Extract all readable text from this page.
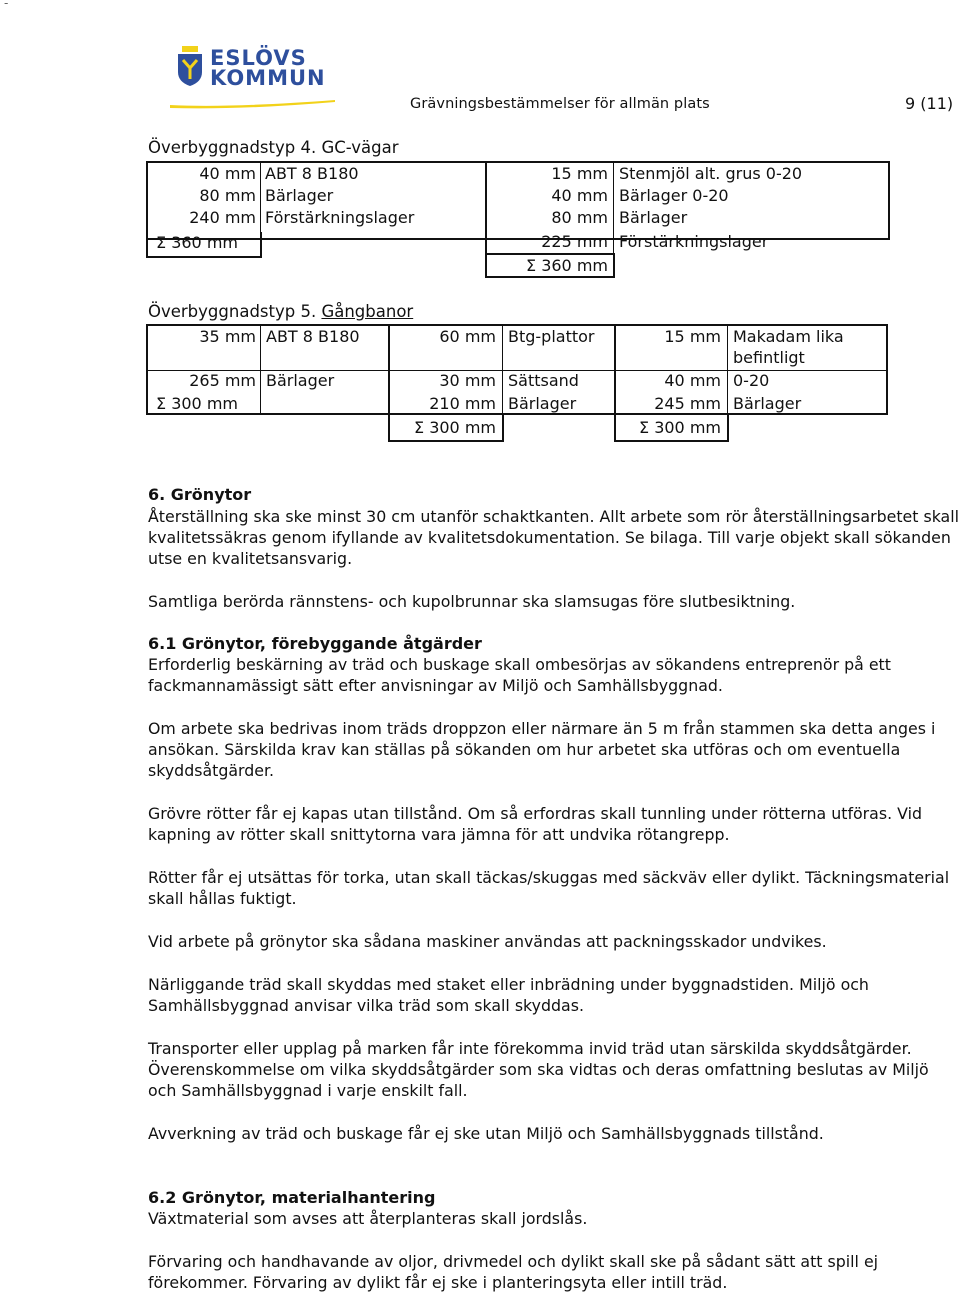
-
ESLÖVS
KOMMUN
Grävningsbestämmelser för allmän plats	9 (11)
Överbyggnadstyp 4. GC-vägar
40 mm ABT 8 B180
80 mm Bärlager
240 mm Förstärkningslager
Σ 360 mm
15 mm Stenmjöl alt. grus 0-20
40 mm Bärlager 0-20
80 mm Bärlager
225 mm Förstärkningslager
Σ 360 mm
Överbyggnadstyp 5. Gångbanor
35 mm ABT 8 B180
265 mm Bärlager
Σ 300 mm
60 mm Btg-plattor
30 mm Sättsand
210 mm Bärlager
Σ 300 mm
15 mm Makadam lika
befintligt
40 mm 0-20
245 mm Bärlager
Σ 300 mm
6. Grönytor
Återställning ska ske minst 30 cm utanför schaktkanten. Allt arbete som rör återställningsarbetet skall kvalitetssäkras genom ifyllande av kvalitetsdokumentation. Se bilaga. Till varje objekt skall sökanden utse en kvalitetsansvarig.
Samtliga berörda rännstens- och kupolbrunnar ska slamsugas före slutbesiktning.
6.1 Grönytor, förebyggande åtgärder
Erforderlig beskärning av träd och buskage skall ombesörjas av sökandens entreprenör på ett fackmannamässigt sätt efter anvisningar av Miljö och Samhällsbyggnad.
Om arbete ska bedrivas inom träds droppzon eller närmare än 5 m från stammen ska detta anges i ansökan. Särskilda krav kan ställas på sökanden om hur arbetet ska utföras och om eventuella skyddsåtgärder.
Grövre rötter får ej kapas utan tillstånd. Om så erfordras skall tunnling under rötterna utföras. Vid kapning av rötter skall snittytorna vara jämna för att undvika rötangrepp.
Rötter får ej utsättas för torka, utan skall täckas/skuggas med säckväv eller dylikt. Täckningsmaterial skall hållas fuktigt.
Vid arbete på grönytor ska sådana maskiner användas att packningsskador undvikes.
Närliggande träd skall skyddas med staket eller inbrädning under byggnadstiden. Miljö och Samhällsbyggnad anvisar vilka träd som skall skyddas.
Transporter eller upplag på marken får inte förekomma invid träd utan särskilda skyddsåtgärder. Överenskommelse om vilka skyddsåtgärder som ska vidtas och deras omfattning beslutas av Miljö och Samhällsbyggnad i varje enskilt fall.
Avverkning av träd och buskage får ej ske utan Miljö och Samhällsbyggnads tillstånd.
6.2 Grönytor, materialhantering
Växtmaterial som avses att återplanteras skall jordslås.
Förvaring och handhavande av oljor, drivmedel och dylikt skall ske på sådant sätt att spill ej förekommer. Förvaring av dylikt får ej ske i planteringsyta eller intill träd.
